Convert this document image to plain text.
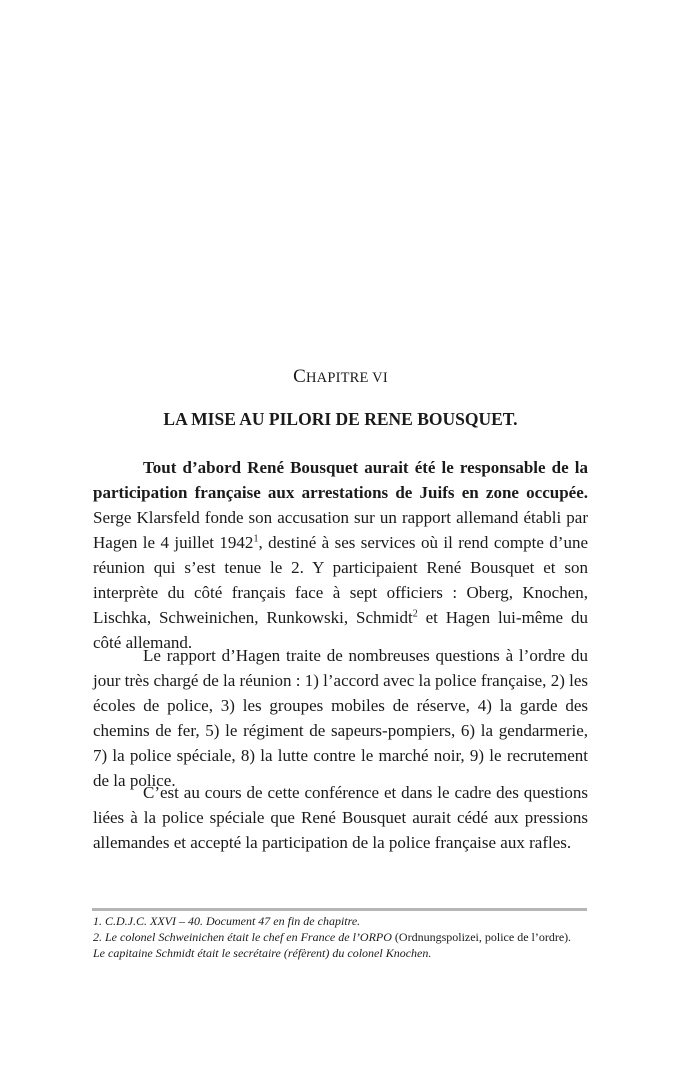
CHAPITRE VI
LA MISE AU PILORI DE RENE BOUSQUET.
Tout d’abord René Bousquet aurait été le responsable de la participation française aux arrestations de Juifs en zone occupée. Serge Klarsfeld fonde son accusation sur un rapport allemand établi par Hagen le 4 juillet 1942$^1$, destiné à ses services où il rend compte d’une réunion qui s’est tenue le 2. Y participaient René Bousquet et son interprète du côté français face à sept officiers : Oberg, Knochen, Lischka, Schweinichen, Runkowski, Schmidt$^2$ et Hagen lui-même du côté allemand.
Le rapport d’Hagen traite de nombreuses questions à l’ordre du jour très chargé de la réunion : 1) l’accord avec la police française, 2) les écoles de police, 3) les groupes mobiles de réserve, 4) la garde des chemins de fer, 5) le régiment de sapeurs-pompiers, 6) la gendarmerie, 7) la police spéciale, 8) la lutte contre le marché noir, 9) le recrutement de la police.
C’est au cours de cette conférence et dans le cadre des questions liées à la police spéciale que René Bousquet aurait cédé aux pressions allemandes et accepté la participation de la police française aux rafles.
1. C.D.J.C. XXVI – 40. Document 47 en fin de chapitre.
2. Le colonel Schweinichen était le chef en France de l’ORPO (Ordnungspolizei, police de l’ordre).
Le capitaine Schmidt était le secrétaire (réfèrent) du colonel Knochen.
